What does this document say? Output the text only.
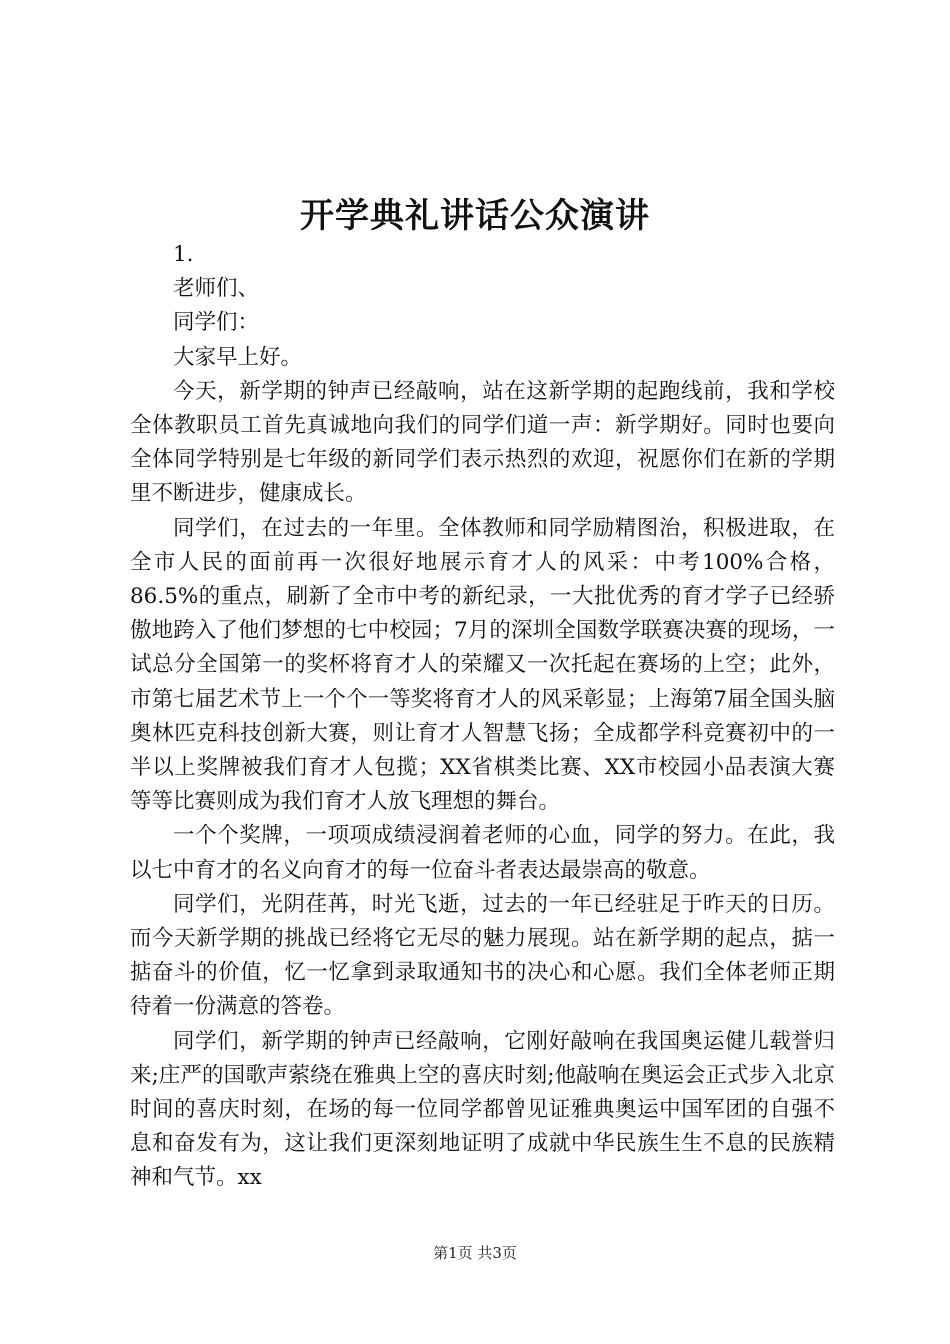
开学典礼讲话公众演讲

1.

老师们、

同学们：

大家早上好。

今天，新学期的钟声已经敲响，站在这新学期的起跑线前，我和学校全体教职员工首先真诚地向我们的同学们道一声：新学期好。同时也要向全体同学特别是七年级的新同学们表示热烈的欢迎，祝愿你们在新的学期里不断进步，健康成长。

同学们，在过去的一年里。全体教师和同学励精图治，积极进取，在全市人民的面前再一次很好地展示育才人的风采：中考100%合格，86.5%的重点，刷新了全市中考的新纪录，一大批优秀的育才学子已经骄傲地跨入了他们梦想的七中校园；7月的深圳全国数学联赛决赛的现场，一试总分全国第一的奖杯将育才人的荣耀又一次托起在赛场的上空；此外，市第七届艺术节上一个个一等奖将育才人的风采彰显；上海第7届全国头脑奥林匹克科技创新大赛，则让育才人智慧飞扬；全成都学科竞赛初中的一半以上奖牌被我们育才人包揽；XX省棋类比赛、XX市校园小品表演大赛等等比赛则成为我们育才人放飞理想的舞台。

一个个奖牌，一项项成绩浸润着老师的心血，同学的努力。在此，我以七中育才的名义向育才的每一位奋斗者表达最崇高的敬意。

同学们，光阴荏苒，时光飞逝，过去的一年已经驻足于昨天的日历。而今天新学期的挑战已经将它无尽的魅力展现。站在新学期的起点，掂一掂奋斗的价值，忆一忆拿到录取通知书的决心和心愿。我们全体老师正期待着一份满意的答卷。

同学们，新学期的钟声已经敲响，它刚好敲响在我国奥运健儿载誉归来;庄严的国歌声萦绕在雅典上空的喜庆时刻;他敲响在奥运会正式步入北京时间的喜庆时刻，在场的每一位同学都曾见证雅典奥运中国军团的自强不息和奋发有为，这让我们更深刻地证明了成就中华民族生生不息的民族精神和气节。xx

第1页 共3页
